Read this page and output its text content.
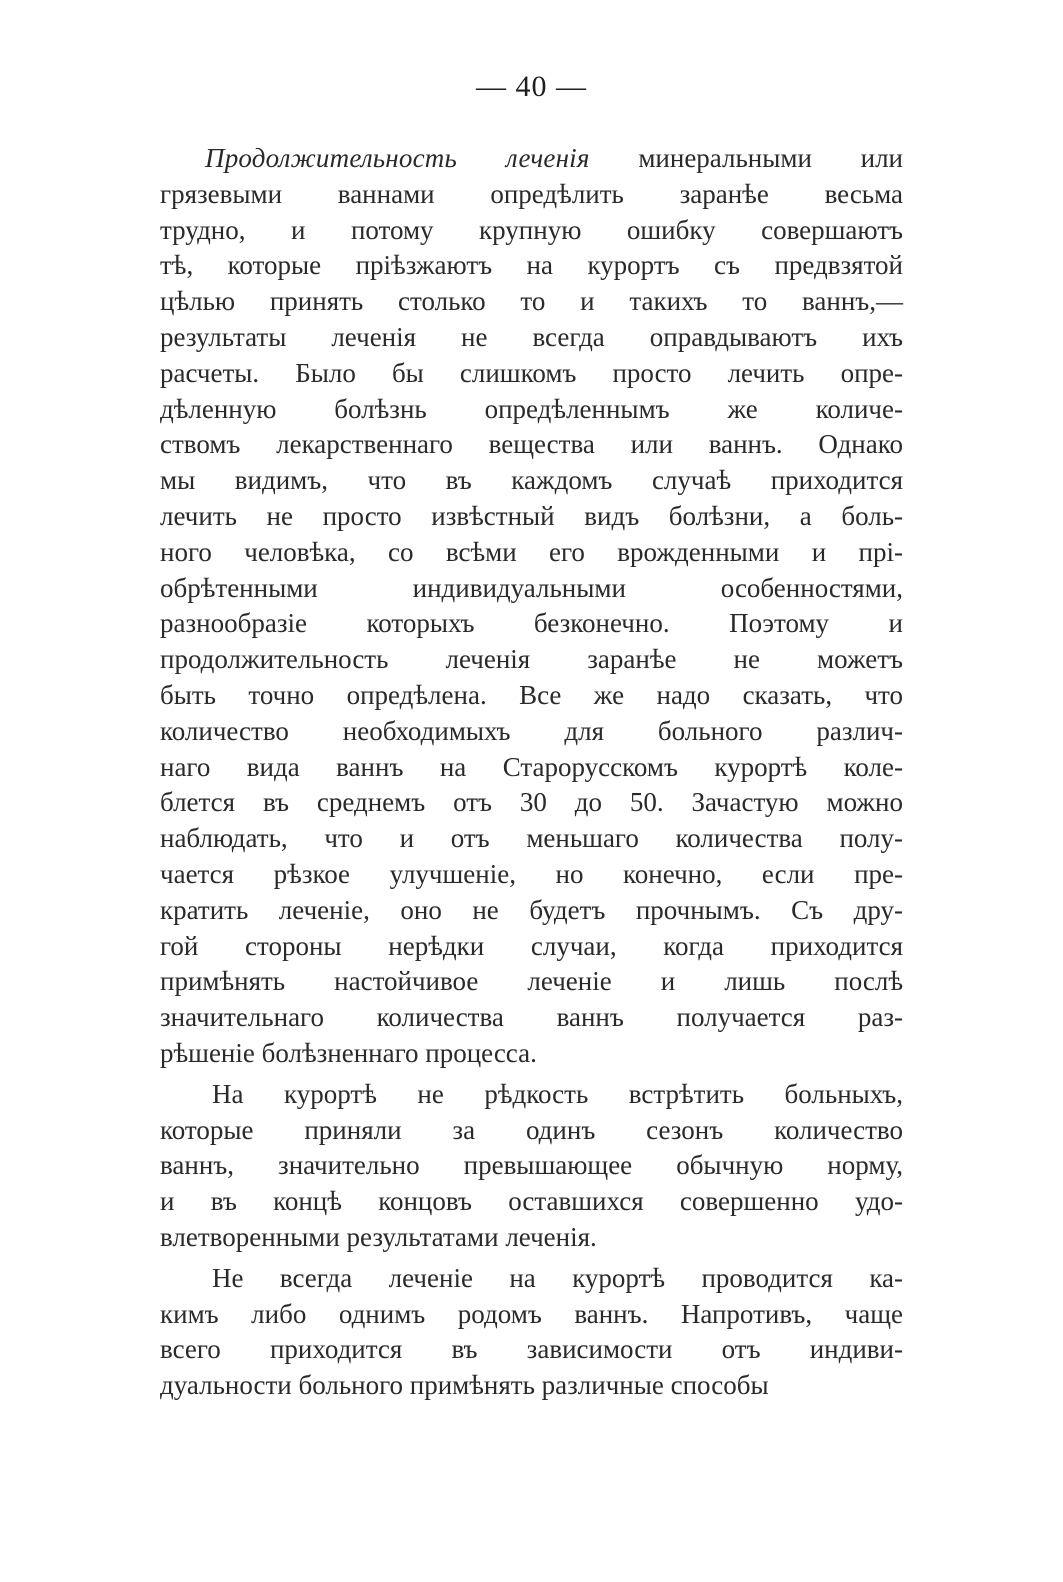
— 40 —
Продолжительность леченія минеральными или
грязевыми ваннами опредѣлить заранѣе весьма
трудно, и потому крупную ошибку совершаютъ
тѣ, которые пріѣзжаютъ на курортъ съ предвзятой
цѣлью принять столько то и такихъ то ваннъ,—
результаты леченія не всегда оправдываютъ ихъ
расчеты. Было бы слишкомъ просто лечить опре-
дѣленную болѣзнь опредѣленнымъ же количе-
ствомъ лекарственнаго вещества или ваннъ. Однако
мы видимъ, что въ каждомъ случаѣ приходится
лечить не просто извѣстный видъ болѣзни, а боль-
ного человѣка, со всѣми его врожденными и прі-
обрѣтенными индивидуальными особенностями,
разнообразіе которыхъ безконечно. Поэтому и
продолжительность леченія заранѣе не можетъ
быть точно опредѣлена. Все же надо сказать, что
количество необходимыхъ для больного различ-
наго вида ваннъ на Старорусскомъ курортѣ коле-
блется въ среднемъ отъ 30 до 50. Зачастую можно
наблюдать, что и отъ меньшаго количества полу-
чается рѣзкое улучшеніе, но конечно, если пре-
кратить леченіе, оно не будетъ прочнымъ. Съ дру-
гой стороны нерѣдки случаи, когда приходится
примѣнять настойчивое леченіе и лишь послѣ
значительнаго количества ваннъ получается раз-
рѣшеніе болѣзненнаго процесса.
На курортѣ не рѣдкость встрѣтить больныхъ,
которые приняли за одинъ сезонъ количество
ваннъ, значительно превышающее обычную норму,
и въ концѣ концовъ оставшихся совершенно удо-
влетворенными результатами леченія.
Не всегда леченіе на курортѣ проводится ка-
кимъ либо однимъ родомъ ваннъ. Напротивъ, чаще
всего приходится въ зависимости отъ индиви-
дуальности больного примѣнять различные способы
